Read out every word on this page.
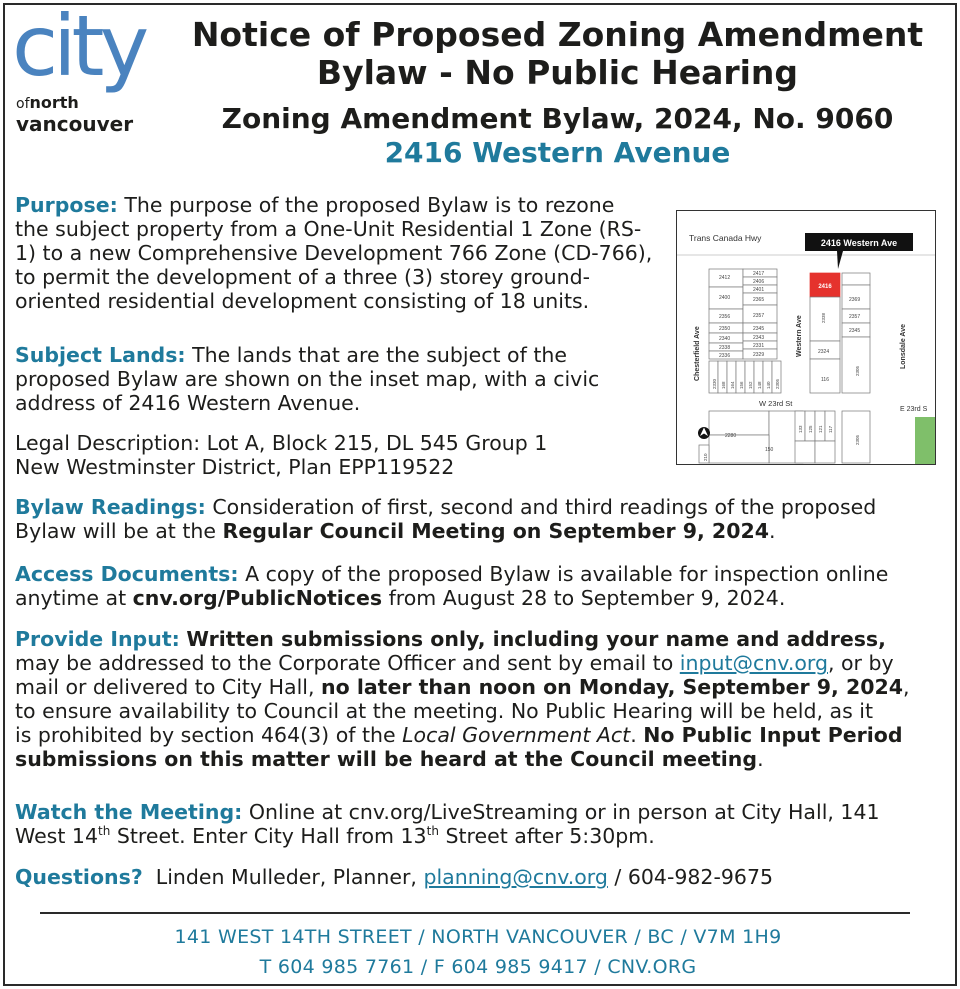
city
ofnorth
vancouver
Notice of Proposed Zoning Amendment
Bylaw - No Public Hearing
Zoning Amendment Bylaw, 2024, No. 9060
2416 Western Avenue
Purpose: The purpose of the proposed Bylaw is to rezone
the subject property from a One-Unit Residential 1 Zone (RS-
1) to a new Comprehensive Development 766 Zone (CD-766),
to permit the development of a three (3) storey ground-
oriented residential development consisting of 18 units.
Subject Lands: The lands that are the subject of the
proposed Bylaw are shown on the inset map, with a civic
address of 2416 Western Avenue.
Legal Description: Lot A, Block 215, DL 545 Group 1
New Westminster District, Plan EPP119522
Trans Canada Hwy	2416 Western Ave
Chesterfield Ave	Western Ave	Lonsdale Ave
W 23rd St
E 23rd S
2412
2417
2406
2401
2400	2365	2369
2356	2357	2357
2338
2350	2345	2345
2340	2343
2338	2331
2336	2329	2324
116
2305
2280
150
2305
210
133 125 121 117
2330 168 164 156 152 148 140 2305
2416
Bylaw Readings: Consideration of first, second and third readings of the proposed
Bylaw will be at the Regular Council Meeting on September 9, 2024.
Access Documents: A copy of the proposed Bylaw is available for inspection online
anytime at cnv.org/PublicNotices from August 28 to September 9, 2024.
Provide Input: Written submissions only, including your name and address,
may be addressed to the Corporate Officer and sent by email to input@cnv.org, or by
mail or delivered to City Hall, no later than noon on Monday, September 9, 2024,
to ensure availability to Council at the meeting. No Public Hearing will be held, as it
is prohibited by section 464(3) of the Local Government Act. No Public Input Period
submissions on this matter will be heard at the Council meeting.
Watch the Meeting: Online at cnv.org/LiveStreaming or in person at City Hall, 141
West 14th Street. Enter City Hall from 13th Street after 5:30pm.
Questions?  Linden Mulleder, Planner, planning@cnv.org / 604-982-9675
141 WEST 14TH STREET / NORTH VANCOUVER / BC / V7M 1H9
T 604 985 7761 / F 604 985 9417 / CNV.ORG
